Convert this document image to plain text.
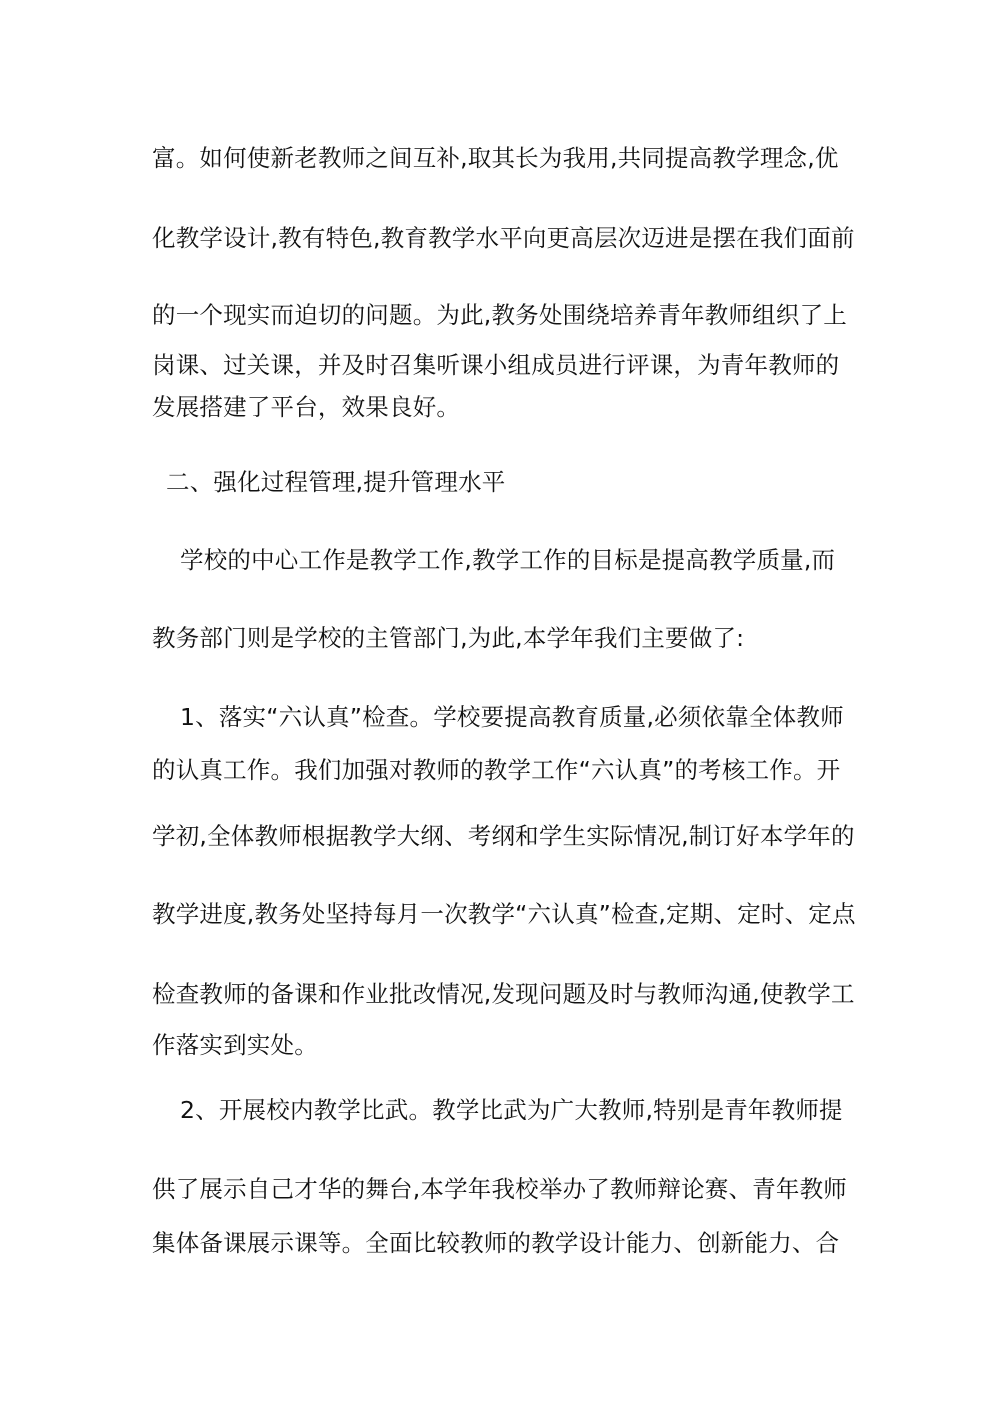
富。如何使新老教师之间互补,取其长为我用,共同提高教学理念,优
化教学设计,教有特色,教育教学水平向更高层次迈进是摆在我们面前
的一个现实而迫切的问题。为此,教务处围绕培养青年教师组织了上
岗课、过关课，并及时召集听课小组成员进行评课，为青年教师的
发展搭建了平台，效果良好。
二、强化过程管理,提升管理水平
学校的中心工作是教学工作,教学工作的目标是提高教学质量,而
教务部门则是学校的主管部门,为此,本学年我们主要做了:
1、落实“六认真”检查。学校要提高教育质量,必须依靠全体教师
的认真工作。我们加强对教师的教学工作“六认真”的考核工作。开
学初,全体教师根据教学大纲、考纲和学生实际情况,制订好本学年的
教学进度,教务处坚持每月一次教学“六认真”检查,定期、定时、定点
检查教师的备课和作业批改情况,发现问题及时与教师沟通,使教学工
作落实到实处。
2、开展校内教学比武。教学比武为广大教师,特别是青年教师提
供了展示自己才华的舞台,本学年我校举办了教师辩论赛、青年教师
集体备课展示课等。全面比较教师的教学设计能力、创新能力、合
